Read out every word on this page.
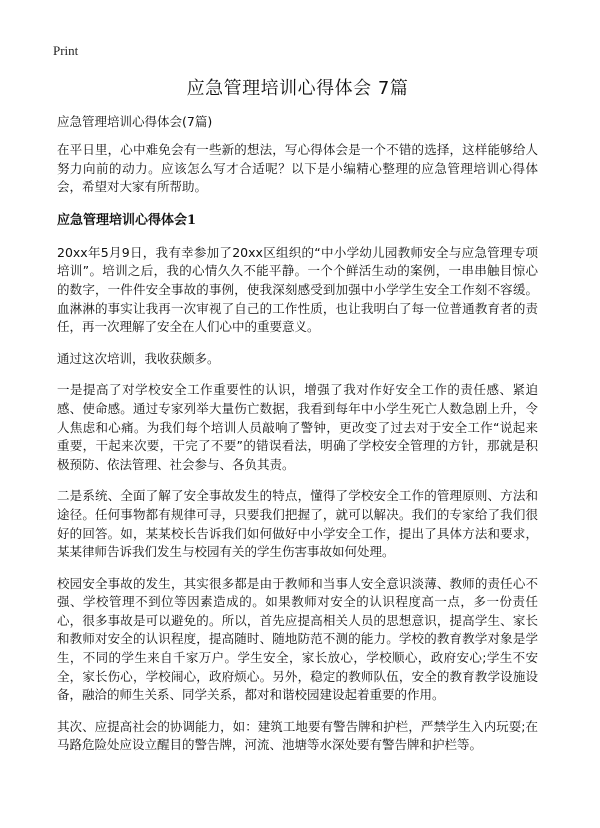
Print
应急管理培训心得体会 7篇

应急管理培训心得体会(7篇)

在平日里，心中难免会有一些新的想法，写心得体会是一个不错的选择，这样能够给人努力向前的动力。应该怎么写才合适呢？以下是小编精心整理的应急管理培训心得体会，希望对大家有所帮助。

应急管理培训心得体会1

20xx年5月9日，我有幸参加了20xx区组织的“中小学幼儿园教师安全与应急管理专项培训”。培训之后，我的心情久久不能平静。一个个鲜活生动的案例，一串串触目惊心的数字，一件件安全事故的事例，使我深刻感受到加强中小学学生安全工作刻不容缓。血淋淋的事实让我再一次审视了自己的工作性质，也让我明白了每一位普通教育者的责任，再一次理解了安全在人们心中的重要意义。

通过这次培训，我收获颇多。

一是提高了对学校安全工作重要性的认识，增强了我对作好安全工作的责任感、紧迫感、使命感。通过专家列举大量伤亡数据，我看到每年中小学生死亡人数急剧上升，令人焦虑和心痛。为我们每个培训人员敲响了警钟，更改变了过去对于安全工作“说起来重要，干起来次要，干完了不要”的错误看法，明确了学校安全管理的方针，那就是积极预防、依法管理、社会参与、各负其责。

二是系统、全面了解了安全事故发生的特点，懂得了学校安全工作的管理原则、方法和途径。任何事物都有规律可寻，只要我们把握了，就可以解决。我们的专家给了我们很好的回答。如，某某校长告诉我们如何做好中小学安全工作，提出了具体方法和要求，某某律师告诉我们发生与校园有关的学生伤害事故如何处理。

校园安全事故的发生，其实很多都是由于教师和当事人安全意识淡薄、教师的责任心不强、学校管理不到位等因素造成的。如果教师对安全的认识程度高一点，多一份责任心，很多事故是可以避免的。所以，首先应提高相关人员的思想意识，提高学生、家长和教师对安全的认识程度，提高随时、随地防范不测的能力。学校的教育教学对象是学生，不同的学生来自千家万户。学生安全，家长放心，学校顺心，政府安心;学生不安全，家长伤心，学校闹心，政府烦心。另外，稳定的教师队伍，安全的教育教学设施设备，融洽的师生关系、同学关系，都对和谐校园建设起着重要的作用。

其次、应提高社会的协调能力，如：建筑工地要有警告牌和护栏，严禁学生入内玩耍;在马路危险处应设立醒目的警告牌，河流、池塘等水深处要有警告牌和护栏等。
